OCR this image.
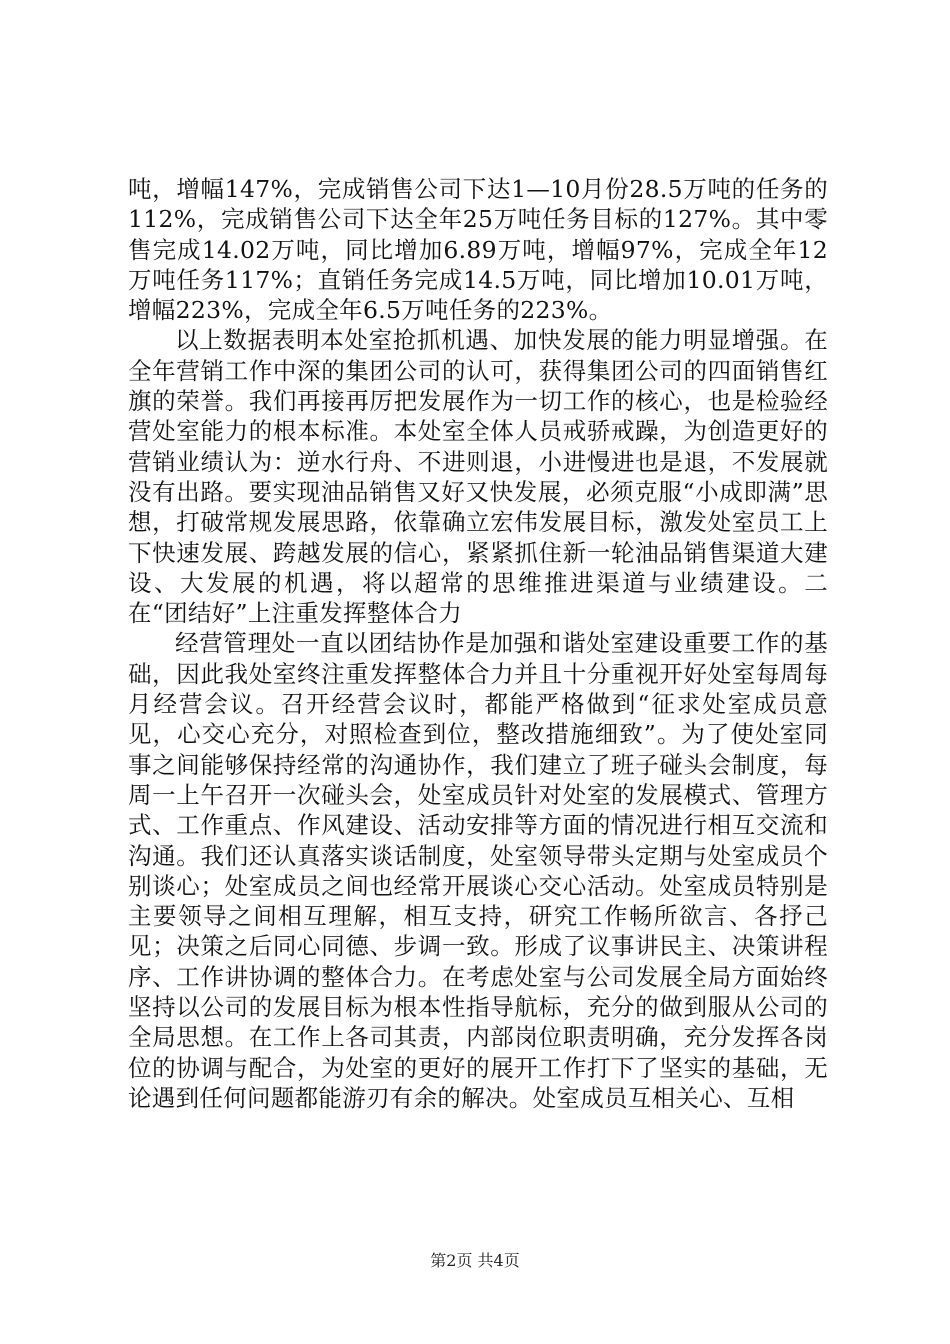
吨，增幅147%，完成销售公司下达1—10月份28.5万吨的任务的112%，完成销售公司下达全年25万吨任务目标的127%。其中零售完成14.02万吨，同比增加6.89万吨，增幅97%，完成全年12万吨任务117%；直销任务完成14.5万吨，同比增加10.01万吨，增幅223%，完成全年6.5万吨任务的223%。

以上数据表明本处室抢抓机遇、加快发展的能力明显增强。在全年营销工作中深的集团公司的认可，获得集团公司的四面销售红旗的荣誉。我们再接再厉把发展作为一切工作的核心，也是检验经营处室能力的根本标准。本处室全体人员戒骄戒躁，为创造更好的营销业绩认为：逆水行舟、不进则退，小进慢进也是退，不发展就没有出路。要实现油品销售又好又快发展，必须克服“小成即满”思想，打破常规发展思路，依靠确立宏伟发展目标，激发处室员工上下快速发展、跨越发展的信心，紧紧抓住新一轮油品销售渠道大建设、大发展的机遇，将以超常的思维推进渠道与业绩建设。二在“团结好”上注重发挥整体合力

经营管理处一直以团结协作是加强和谐处室建设重要工作的基础，因此我处室终注重发挥整体合力并且十分重视开好处室每周每月经营会议。召开经营会议时，都能严格做到“征求处室成员意见，心交心充分，对照检查到位，整改措施细致”。为了使处室同事之间能够保持经常的沟通协作，我们建立了班子碰头会制度，每周一上午召开一次碰头会，处室成员针对处室的发展模式、管理方式、工作重点、作风建设、活动安排等方面的情况进行相互交流和沟通。我们还认真落实谈话制度，处室领导带头定期与处室成员个别谈心；处室成员之间也经常开展谈心交心活动。处室成员特别是主要领导之间相互理解，相互支持，研究工作畅所欲言、各抒己见；决策之后同心同德、步调一致。形成了议事讲民主、决策讲程序、工作讲协调的整体合力。在考虑处室与公司发展全局方面始终坚持以公司的发展目标为根本性指导航标，充分的做到服从公司的全局思想。在工作上各司其责，内部岗位职责明确，充分发挥各岗位的协调与配合，为处室的更好的展开工作打下了坚实的基础，无论遇到任何问题都能游刃有余的解决。处室成员互相关心、互相

第2页 共4页
